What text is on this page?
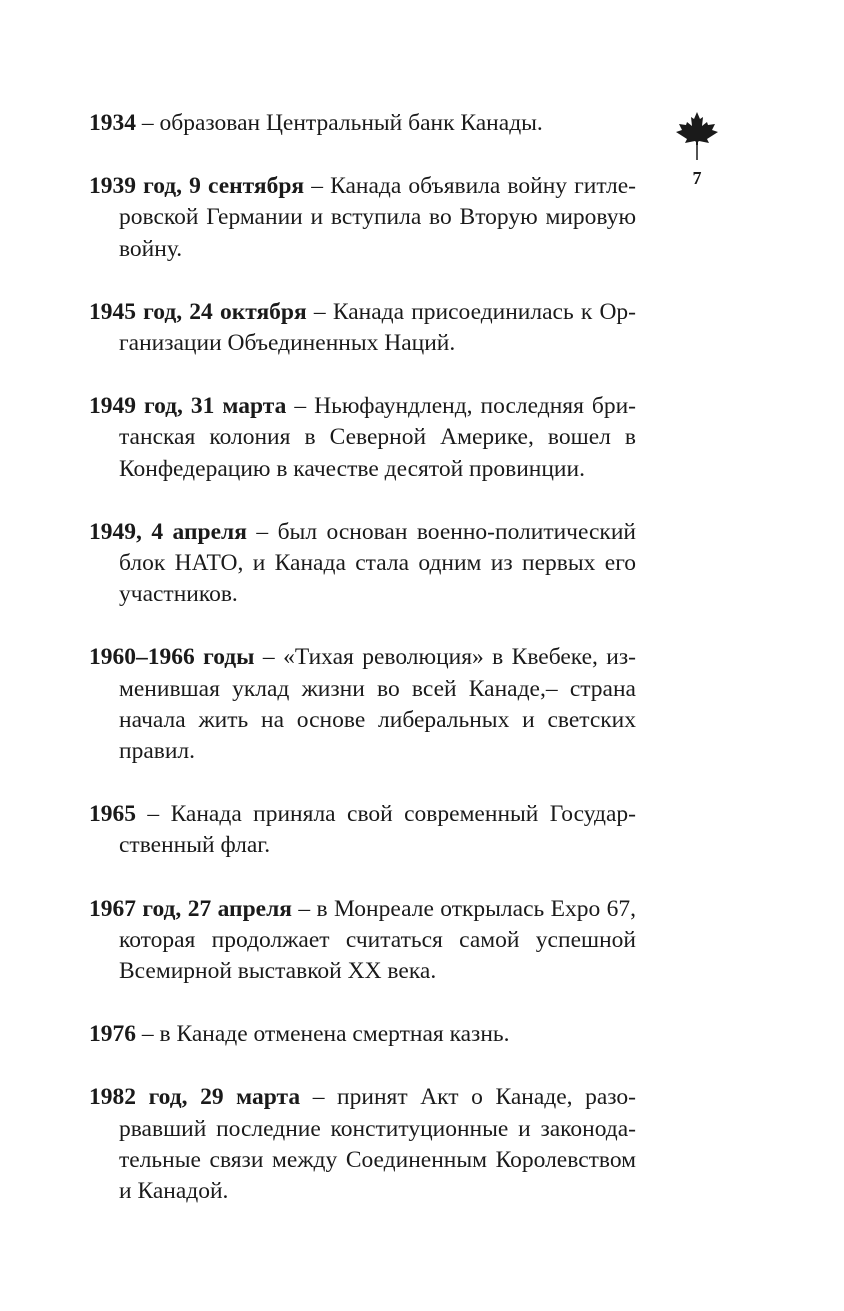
7
1934 – образован Центральный банк Канады.
1939 год, 9 сентября – Канада объявила войну гитле-ровской Германии и вступила во Вторую мировую войну.
1945 год, 24 октября – Канада присоединилась к Ор-ганизации Объединенных Наций.
1949 год, 31 марта – Ньюфаундленд, последняя бри-танская колония в Северной Америке, вошел в Конфедерацию в качестве десятой провинции.
1949, 4 апреля – был основан военно-политический блок НАТО, и Канада стала одним из первых его участников.
1960–1966 годы – «Тихая революция» в Квебеке, из-менившая уклад жизни во всей Канаде,– страна начала жить на основе либеральных и светских правил.
1965 – Канада приняла свой современный Государ-ственный флаг.
1967 год, 27 апреля – в Монреале открылась Expo 67, которая продолжает считаться самой успешной Всемирной выставкой XX века.
1976 – в Канаде отменена смертная казнь.
1982 год, 29 марта – принят Акт о Канаде, разо-рвавший последние конституционные и законода-тельные связи между Соединенным Королевством и Канадой.
